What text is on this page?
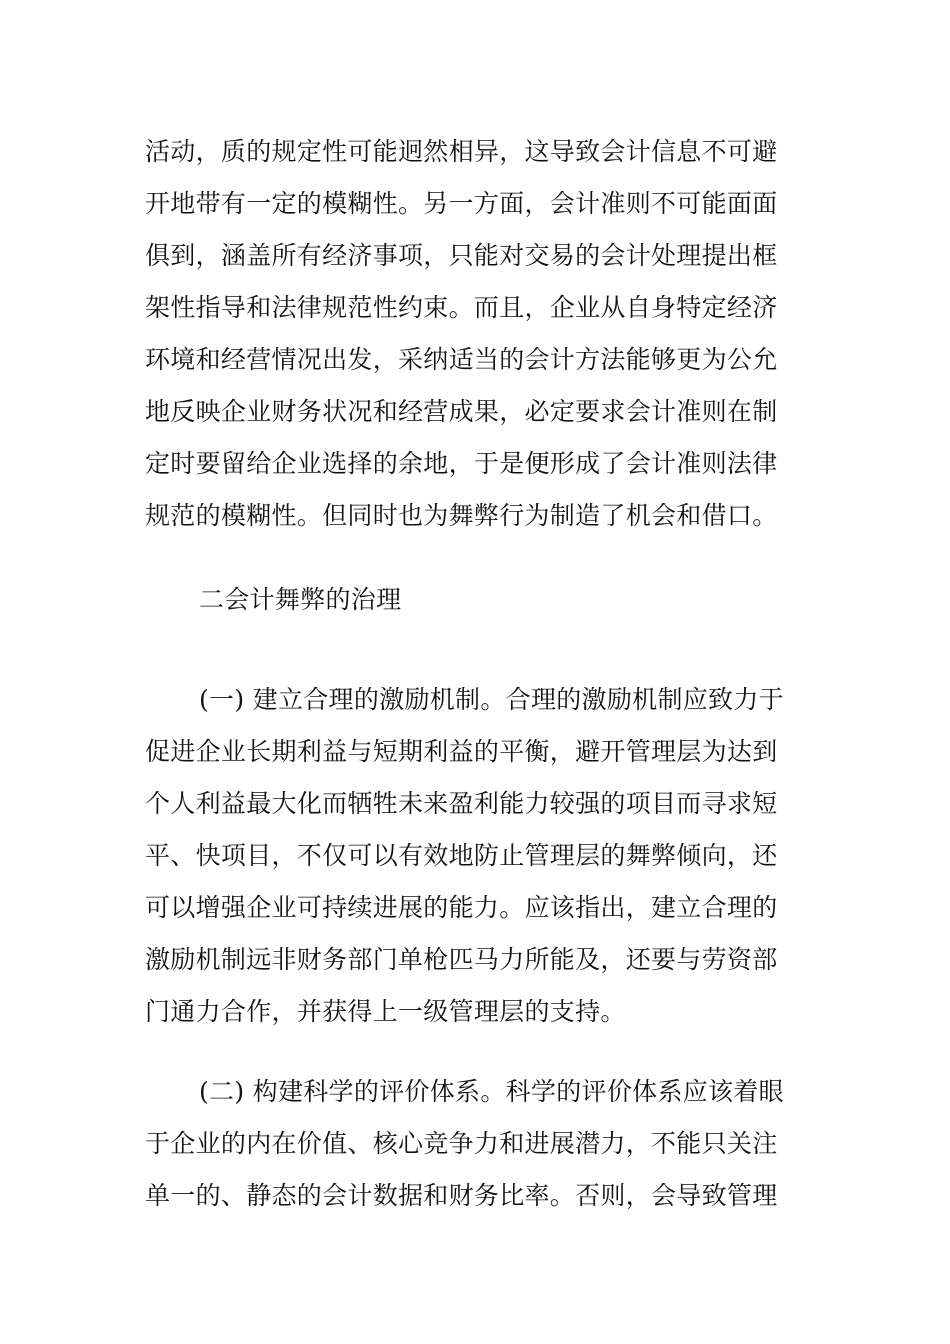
活动，质的规定性可能迥然相异，这导致会计信息不可避
开地带有一定的模糊性。另一方面，会计准则不可能面面
俱到，涵盖所有经济事项，只能对交易的会计处理提出框
架性指导和法律规范性约束。而且，企业从自身特定经济
环境和经营情况出发，采纳适当的会计方法能够更为公允
地反映企业财务状况和经营成果，必定要求会计准则在制
定时要留给企业选择的余地，于是便形成了会计准则法律
规范的模糊性。但同时也为舞弊行为制造了机会和借口。
二会计舞弊的治理
(一) 建立合理的激励机制。合理的激励机制应致力于
促进企业长期利益与短期利益的平衡，避开管理层为达到
个人利益最大化而牺牲未来盈利能力较强的项目而寻求短
平、快项目，不仅可以有效地防止管理层的舞弊倾向，还
可以增强企业可持续进展的能力。应该指出，建立合理的
激励机制远非财务部门单枪匹马力所能及，还要与劳资部
门通力合作，并获得上一级管理层的支持。
(二) 构建科学的评价体系。科学的评价体系应该着眼
于企业的内在价值、核心竞争力和进展潜力，不能只关注
单一的、静态的会计数据和财务比率。否则，会导致管理
